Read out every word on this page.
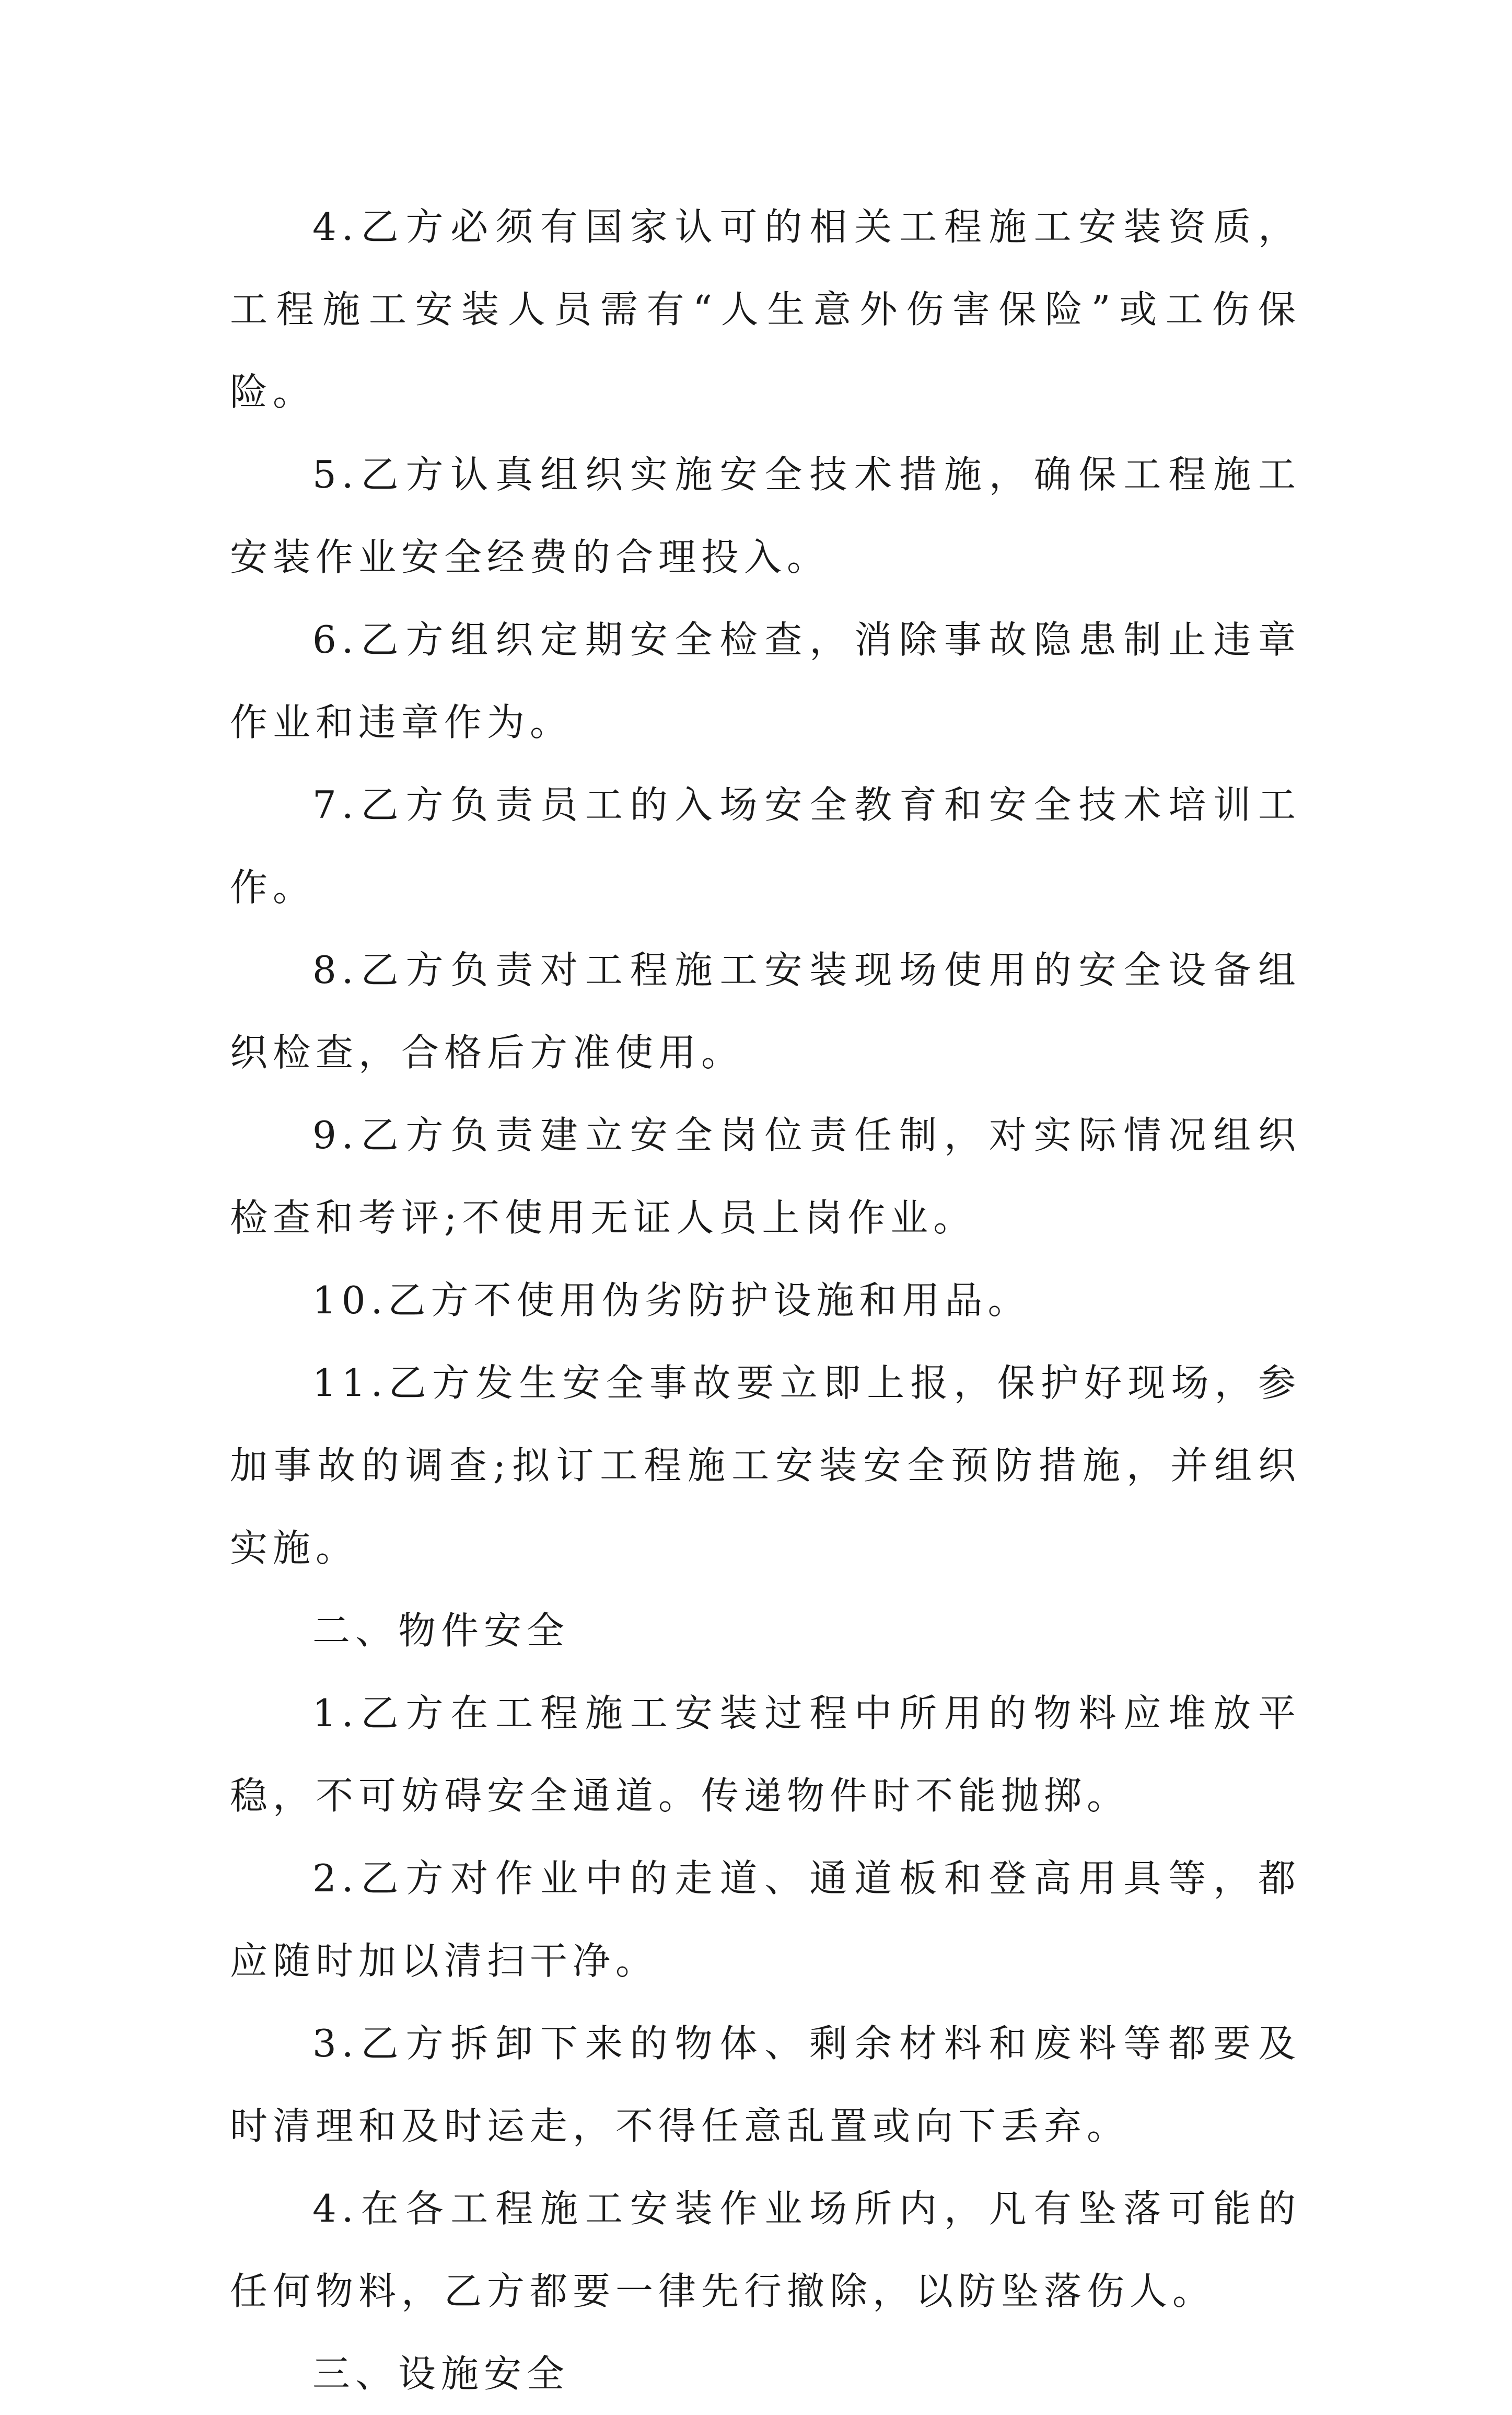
4.乙方必须有国家认可的相关工程施工安装资质，工程施工安装人员需有“人生意外伤害保险”或工伤保险。

5.乙方认真组织实施安全技术措施，确保工程施工安装作业安全经费的合理投入。

6.乙方组织定期安全检查，消除事故隐患制止违章作业和违章作为。

7.乙方负责员工的入场安全教育和安全技术培训工作。

8.乙方负责对工程施工安装现场使用的安全设备组织检查，合格后方准使用。

9.乙方负责建立安全岗位责任制，对实际情况组织检查和考评;不使用无证人员上岗作业。

10.乙方不使用伪劣防护设施和用品。

11.乙方发生安全事故要立即上报，保护好现场，参加事故的调查;拟订工程施工安装安全预防措施，并组织实施。

二、物件安全

1.乙方在工程施工安装过程中所用的物料应堆放平稳，不可妨碍安全通道。传递物件时不能抛掷。

2.乙方对作业中的走道、通道板和登高用具等，都应随时加以清扫干净。

3.乙方拆卸下来的物体、剩余材料和废料等都要及时清理和及时运走，不得任意乱置或向下丢弃。

4.在各工程施工安装作业场所内，凡有坠落可能的任何物料，乙方都要一律先行撤除，以防坠落伤人。

三、设施安全
